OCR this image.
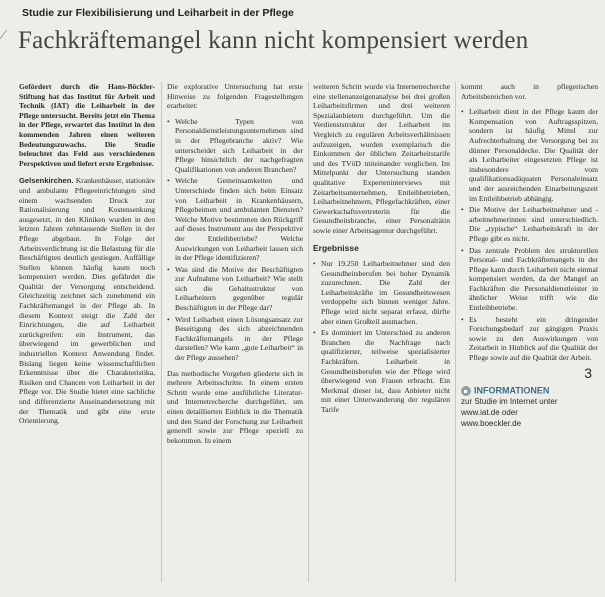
Studie zur Flexibilisierung und Leiharbeit in der Pflege
⁄ Fachkräftemangel kann nicht kompensiert werden

Gefördert durch die Hans-Böckler-Stiftung hat das Institut für Arbeit und Technik (IAT) die Leiharbeit in der Pflege untersucht. Bereits jetzt ein Thema in der Pflege, erwartet das Institut in den kommenden Jahren einen weiteren Bedeutungszuwachs. Die Studie beleuchtet das Feld aus verschiedenen Perspektiven und liefert erste Ergebnisse.

Gelsenkirchen. Krankenhäuser, stationäre und ambulante Pflegeeinrichtungen sind einem wachsenden Druck zur Rationalisierung und Kostensenkung ausgesetzt, in den Kliniken wurden in den letzten Jahren zehntausende Stellen in der Pflege abgebaut. In Folge der Arbeitsverdichtung ist die Belastung für die Beschäftigten deutlich gestiegen. Auffällige Stellen können häufig kaum noch kompensiert werden. Dies gefährdet die Qualität der Versorgung entscheidend. Gleichzeitig zeichnet sich zunehmend ein Fachkräftemangel in der Pflege ab. In diesem Kontext steigt die Zahl der Einrichtungen, die auf Leiharbeit zurückgreifen: ein Instrument, das überwiegend im gewerblichen und industriellen Kontext Anwendung findet. Bislang liegen keine wissenschaftlichen Erkenntnisse über die Charakteristika, Risiken und Chancen von Leiharbeit in der Pflege vor. Die Studie bietet eine sachliche und differenzierte Auseinandersetzung mit der Thematik und gibt eine erste Orientierung.

Die explorative Untersuchung hat erste Hinweise zu folgenden Fragestellungen erarbeitet:

• Welche Typen von Personaldienstleistungsunternehmen sind in der Pflegebranche aktiv? Wie unterscheidet sich Leiharbeit in der Pflege hinsichtlich der nachgefragten Qualifikationen von anderen Branchen?
• Welche Gemeinsamkeiten und Unterschiede finden sich beim Einsatz von Leiharbeit in Krankenhäusern, Pflegeheimen und ambulanten Diensten? Welche Motive bestimmen den Rückgriff auf dieses Instrument aus der Perspektive der Entleihbetriebe? Welche Auswirkungen von Leiharbeit lassen sich in der Pflege identifizieren?
• Was sind die Motive der Beschäftigten zur Aufnahme von Leiharbeit? Wie stellt sich die Gehaltsstruktur von Leiharbeitern gegenüber regulär Beschäftigten in der Pflege dar?
• Wird Leiharbeit einen Lösungsansatz zur Beseitigung des sich abzeichnenden Fachkräftemangels in der Pflege darstellen? Wie kann „gute Leiharbeit“ in der Pflege aussehen?

Das methodische Vorgehen gliederte sich in mehrere Arbeitsschritte. In einem ersten Schritt wurde eine ausführliche Literatur- und Internetrecherche durchgeführt, um einen detaillierten Einblick in die Thematik und den Stand der Forschung zur Leiharbeit generell sowie zur Pflege speziell zu bekommen. In einem

weiteren Schritt wurde via Internetrecherche eine stellenanzeigenanalyse bei drei großen Leiharbeitsfirmen und drei weiteren Spezialanbietern durchgeführt. Um die Verdienststruktur der Leiharbeit im Vergleich zu regulären Arbeitsverhältnissen aufzuzeigen, wurden exemplarisch die Einkommen der üblichen Zeitarbeitstarife und des TVöD miteinander verglichen. Im Mittelpunkt der Untersuchung standen qualitative Experteninterviews mit Zeitarbeitsunternehmen, Entleihbetrieben, Leiharbeitnehmern, Pflegefachkräften, einer Gewerkschaftsvertreterin für die Gesundheitsbranche, einer Personalrätin sowie einer Arbeitsagentur durchgeführt.

Ergebnisse
• Nur 19.250 Leiharbeitnehmer sind den Gesundheitsberufen bei hoher Dynamik zuzurechnen. Die Zahl der Leiharbeitskräfte im Gesundheitswesen verdoppelte sich binnen weniger Jahre. Pflege wird nicht separat erfasst, dürfte aber einen Großteil ausmachen.
• Es dominiert im Unterschied zu anderen Branchen die Nachfrage nach qualifizierter, teilweise spezialisierter Fachkräften. Leiharbeit in Gesundheitsberufen wie der Pflege wird überwiegend von Frauen erbracht. Ein Merkmal dieser ist, dass Anbieter nicht mit einer Unterwanderung der regulären Tarife

kommt auch in pflegerischen Arbeitsbereichen vor.

• Leiharbeit dient in der Pflege kaum der Kompensation von Auftragsspitzen, sondern ist häufig Mittel zur Aufrechterhaltung der Versorgung bei zu dünner Personaldecke. Die Qualität der als Leiharbeiter eingesetzten Pflege ist insbesondere vom qualifikationsadäquaten Personaleinsatz und der ausreichenden Einarbeitungszeit im Entleihbetrieb abhängig.
• Die Motive der Leiharbeitnehmer und -arbeitnehmerinnen sind unterschiedlich. Die „typische“ Leiharbeitskraft in der Pflege gibt es nicht.
• Das zentrale Problem des strukturellen Personal- und Fachkräftemangels in der Pflege kann durch Leiharbeit nicht einmal kompensiert werden, da der Mangel an Fachkräften die Personaldienstleister in ähnlicher Weise trifft wie die Entleihbetriebe.
• Es besteht ein dringender Forschungsbedarf zur gängigen Praxis sowie zu den Auswirkungen von Zeitarbeit in Hinblick auf die Qualität der Pflege sowie auf die Qualität der Arbeit.
3
INFORMATIONEN
zur Studie im Internet unter
www.iat.de oder
www.boeckler.de
